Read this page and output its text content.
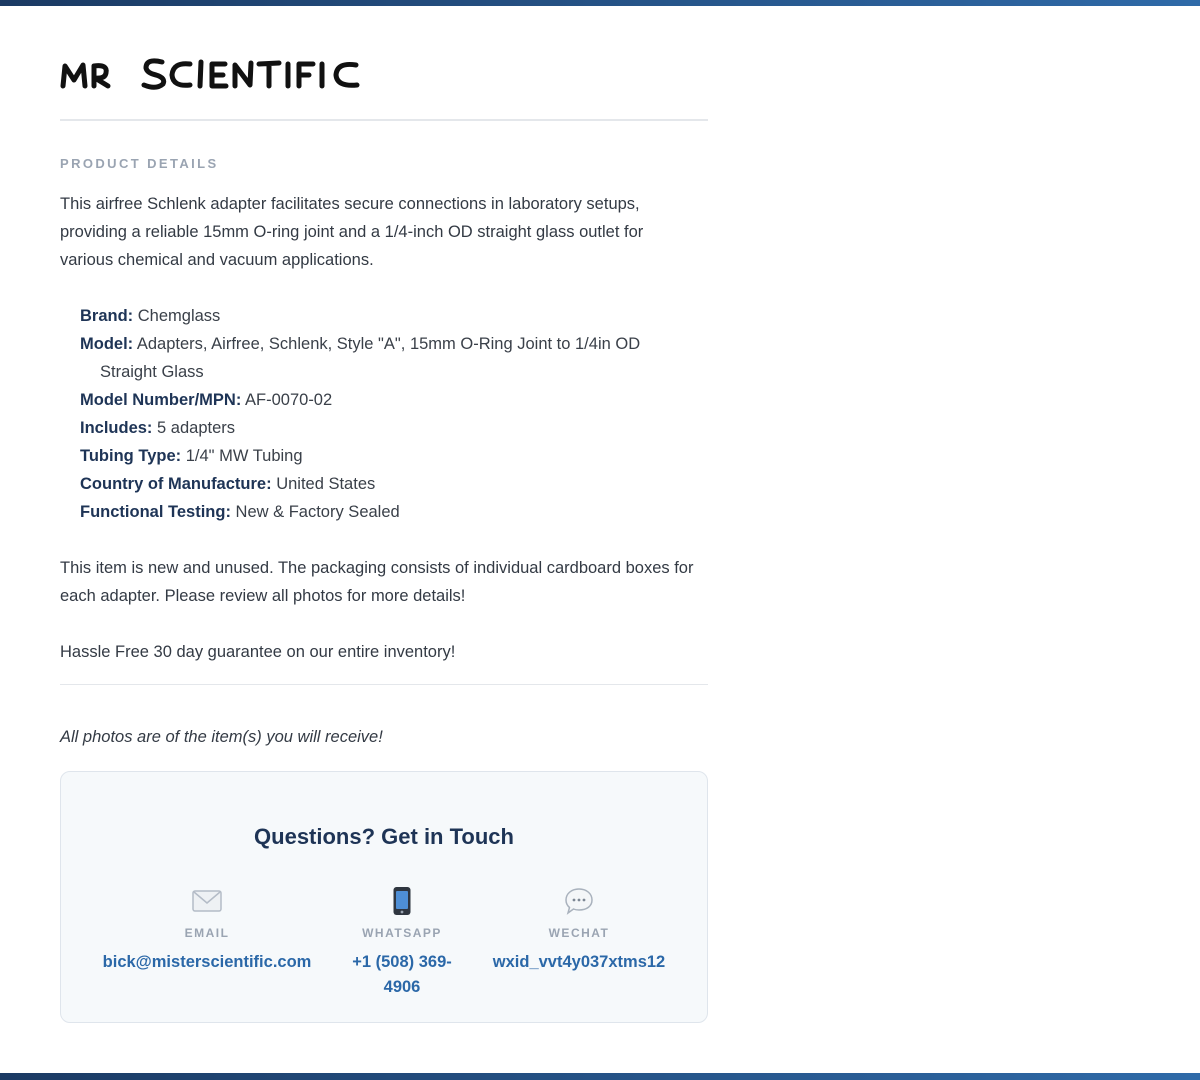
PRODUCT DETAILS

This airfree Schlenk adapter facilitates secure connections in laboratory setups, providing a reliable 15mm O-ring joint and a 1/4-inch OD straight glass outlet for various chemical and vacuum applications.

Brand: Chemglass
Model: Adapters, Airfree, Schlenk, Style "A", 15mm O-Ring Joint to 1/4in OD Straight Glass
Model Number/MPN: AF-0070-02
Includes: 5 adapters
Tubing Type: 1/4" MW Tubing
Country of Manufacture: United States
Functional Testing: New & Factory Sealed

This item is new and unused. The packaging consists of individual cardboard boxes for each adapter. Please review all photos for more details!

Hassle Free 30 day guarantee on our entire inventory!

All photos are of the item(s) you will receive!

Questions? Get in Touch
EMAIL
bick@misterscientific.com
WHATSAPP
+1 (508) 369-4906
WECHAT
wxid_vvt4y037xtms12
